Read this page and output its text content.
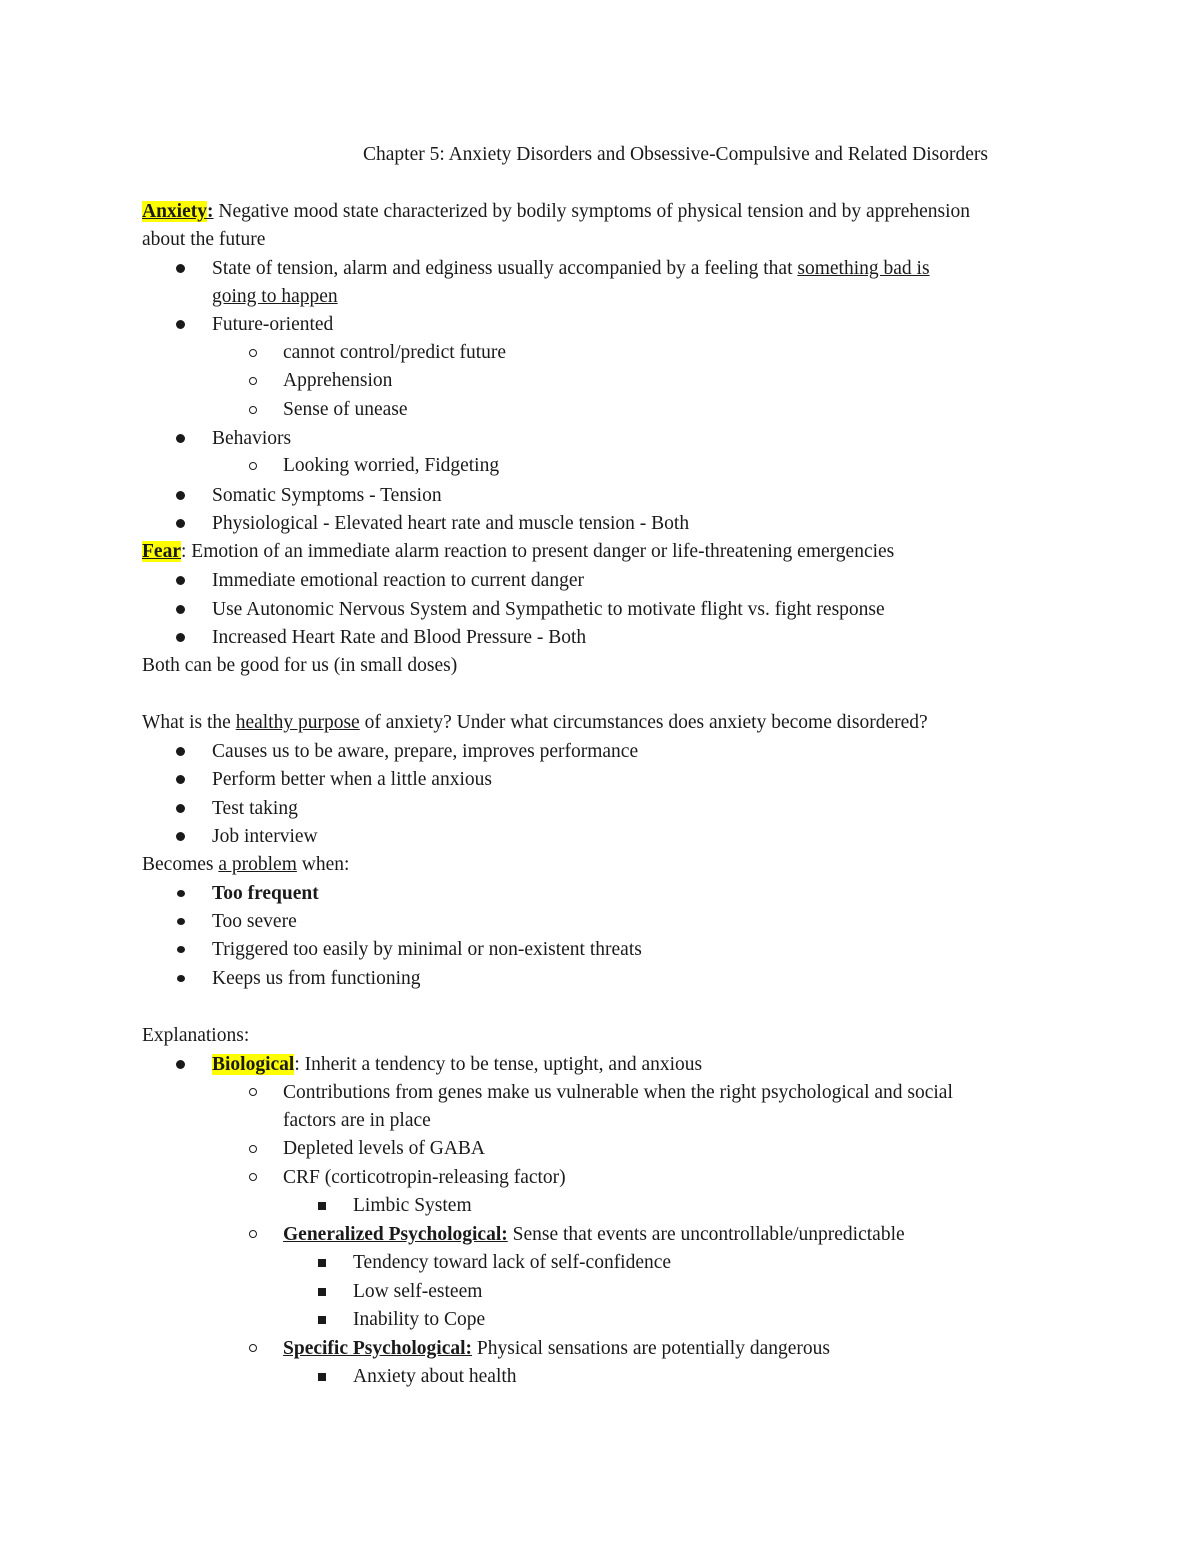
Chapter 5: Anxiety Disorders and Obsessive-Compulsive and Related Disorders
Anxiety: Negative mood state characterized by bodily symptoms of physical tension and by apprehension
about the future
State of tension, alarm and edginess usually accompanied by a feeling that something bad is
going to happen
Future-oriented
cannot control/predict future
Apprehension
Sense of unease
Behaviors
Looking worried, Fidgeting
Somatic Symptoms - Tension
Physiological - Elevated heart rate and muscle tension - Both
Fear: Emotion of an immediate alarm reaction to present danger or life-threatening emergencies
Immediate emotional reaction to current danger
Use Autonomic Nervous System and Sympathetic to motivate flight vs. fight response
Increased Heart Rate and Blood Pressure - Both
Both can be good for us (in small doses)
What is the healthy purpose of anxiety? Under what circumstances does anxiety become disordered?
Causes us to be aware, prepare, improves performance
Perform better when a little anxious
Test taking
Job interview
Becomes a problem when:
Too frequent
Too severe
Triggered too easily by minimal or non-existent threats
Keeps us from functioning
Explanations:
Biological: Inherit a tendency to be tense, uptight, and anxious
Contributions from genes make us vulnerable when the right psychological and social
factors are in place
Depleted levels of GABA
CRF (corticotropin-releasing factor)
Limbic System
Generalized Psychological: Sense that events are uncontrollable/unpredictable
Tendency toward lack of self-confidence
Low self-esteem
Inability to Cope
Specific Psychological: Physical sensations are potentially dangerous
Anxiety about health
